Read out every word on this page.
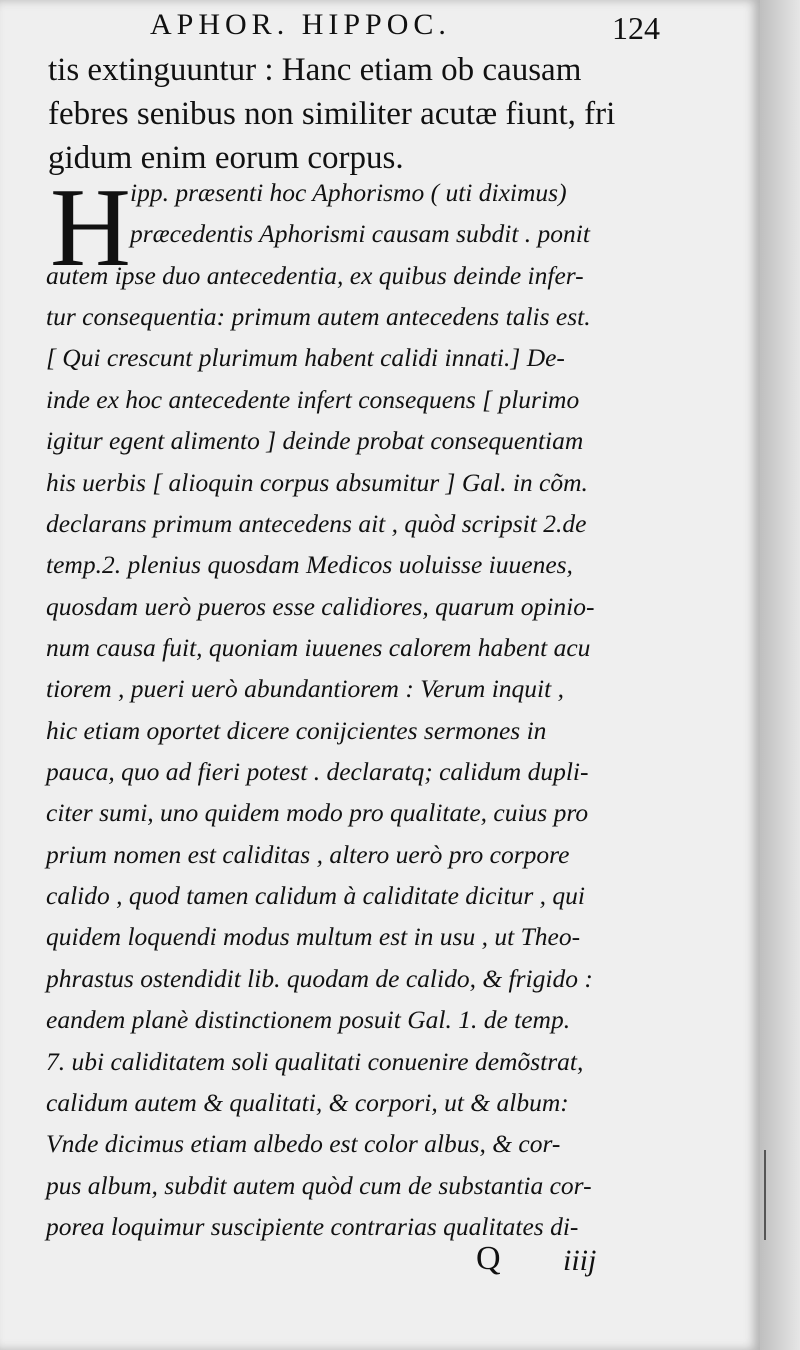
APHOR. HIPPOC.	124
tis extinguuntur : Hanc etiam ob causam
febres senibus non similiter acutæ fiunt, fri
gidum enim eorum corpus.
H ipp. præsenti hoc Aphorismo ( uti diximus)
præcedentis Aphorismi causam subdit . ponit
autem ipse duo antecedentia, ex quibus deinde infer-
tur consequentia: primum autem antecedens talis est.
[ Qui crescunt plurimum habent calidi innati.] De-
inde ex hoc antecedente infert consequens [ plurimo
igitur egent alimento ] deinde probat consequentiam
his uerbis [ alioquin corpus absumitur ] Gal. in cõm.
declarans primum antecedens ait , quòd scripsit 2.de
temp.2. plenius quosdam Medicos uoluisse iuuenes,
quosdam uerò pueros esse calidiores, quarum opinio-
num causa fuit, quoniam iuuenes calorem habent acu
tiorem , pueri uerò abundantiorem : Verum inquit ,
hic etiam oportet dicere conijcientes sermones in
pauca, quo ad fieri potest . declaratq; calidum dupli-
citer sumi, uno quidem modo pro qualitate, cuius pro
prium nomen est caliditas , altero uerò pro corpore
calido , quod tamen calidum à caliditate dicitur , qui
quidem loquendi modus multum est in usu , ut Theo-
phrastus ostendidit lib. quodam de calido, & frigido :
eandem planè distinctionem posuit Gal. 1. de temp.
7. ubi caliditatem soli qualitati conuenire demõstrat,
calidum autem & qualitati, & corpori, ut & album:
Vnde dicimus etiam albedo est color albus, & cor-
pus album, subdit autem quòd cum de substantia cor-
porea loquimur suscipiente contrarias qualitates di-
Q iiij
